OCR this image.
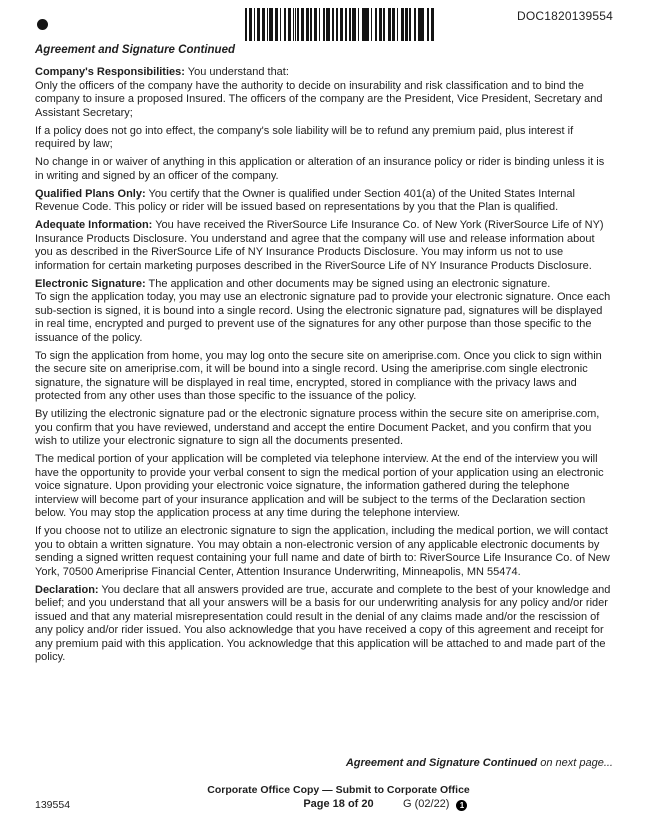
DOC1820139554
Agreement and Signature Continued

Company's Responsibilities: You understand that:

Only the officers of the company have the authority to decide on insurability and risk classification and to bind the company to insure a proposed Insured. The officers of the company are the President, Vice President, Secretary and Assistant Secretary;

If a policy does not go into effect, the company's sole liability will be to refund any premium paid, plus interest if required by law;

No change in or waiver of anything in this application or alteration of an insurance policy or rider is binding unless it is in writing and signed by an officer of the company.

Qualified Plans Only: You certify that the Owner is qualified under Section 401(a) of the United States Internal Revenue Code. This policy or rider will be issued based on representations by you that the Plan is qualified.

Adequate Information: You have received the RiverSource Life Insurance Co. of New York (RiverSource Life of NY) Insurance Products Disclosure. You understand and agree that the company will use and release information about you as described in the RiverSource Life of NY Insurance Products Disclosure. You may inform us not to use information for certain marketing purposes described in the RiverSource Life of NY Insurance Products Disclosure.

Electronic Signature: The application and other documents may be signed using an electronic signature.

To sign the application today, you may use an electronic signature pad to provide your electronic signature. Once each sub-section is signed, it is bound into a single record. Using the electronic signature pad, signatures will be displayed in real time, encrypted and purged to prevent use of the signatures for any other purpose than those specific to the issuance of the policy.

To sign the application from home, you may log onto the secure site on ameriprise.com. Once you click to sign within the secure site on ameriprise.com, it will be bound into a single record. Using the ameriprise.com single electronic signature, the signature will be displayed in real time, encrypted, stored in compliance with the privacy laws and protected from any other uses than those specific to the issuance of the policy.

By utilizing the electronic signature pad or the electronic signature process within the secure site on ameriprise.com, you confirm that you have reviewed, understand and accept the entire Document Packet, and you confirm that you wish to utilize your electronic signature to sign all the documents presented.

The medical portion of your application will be completed via telephone interview. At the end of the interview you will have the opportunity to provide your verbal consent to sign the medical portion of your application using an electronic voice signature. Upon providing your electronic voice signature, the information gathered during the telephone interview will become part of your insurance application and will be subject to the terms of the Declaration section below. You may stop the application process at any time during the telephone interview.

If you choose not to utilize an electronic signature to sign the application, including the medical portion, we will contact you to obtain a written signature. You may obtain a non-electronic version of any applicable electronic documents by sending a signed written request containing your full name and date of birth to: RiverSource Life Insurance Co. of New York, 70500 Ameriprise Financial Center, Attention Insurance Underwriting, Minneapolis, MN 55474.

Declaration: You declare that all answers provided are true, accurate and complete to the best of your knowledge and belief; and you understand that all your answers will be a basis for our underwriting analysis for any policy and/or rider issued and that any material misrepresentation could result in the denial of any claims made and/or the rescission of any policy and/or rider issued. You also acknowledge that you have received a copy of this agreement and receipt for any premium paid with this application. You acknowledge that this application will be attached to and made part of the policy.

Agreement and Signature Continued on next page...
Corporate Office Copy — Submit to Corporate Office
139554	Page 18 of 20	G (02/22) 1
